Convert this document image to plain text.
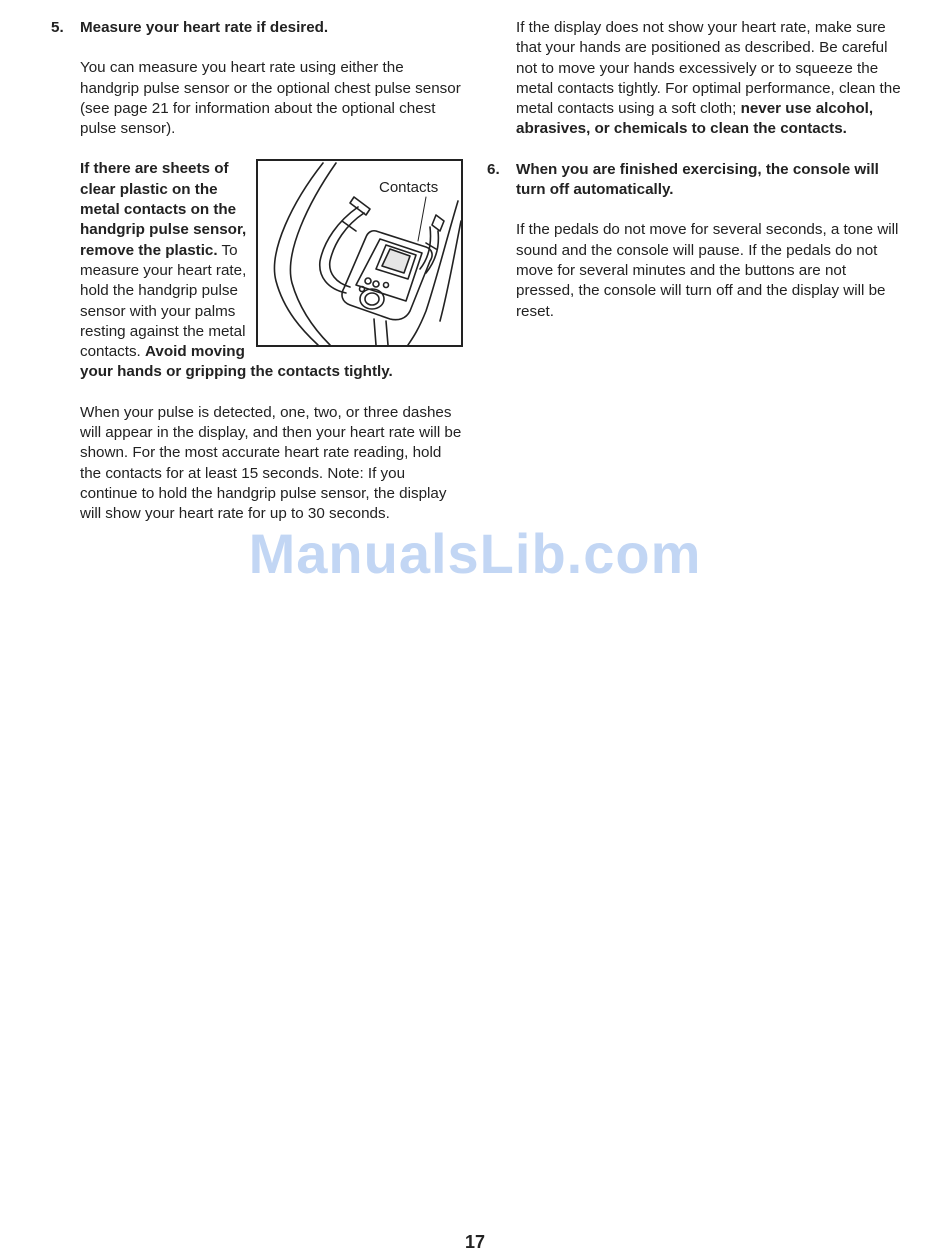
5.	Measure your heart rate if desired.

You can measure you heart rate using either the handgrip pulse sensor or the optional chest pulse sensor (see page 21 for information about the optional chest pulse sensor).

Contacts

If there are sheets of clear plastic on the metal contacts on the handgrip pulse sensor, remove the plastic. To measure your heart rate, hold the handgrip pulse sensor with your palms resting against the metal contacts. Avoid moving your hands or gripping the contacts tightly.

When your pulse is detected, one, two, or three dashes will appear in the display, and then your heart rate will be shown. For the most accurate heart rate reading, hold the contacts for at least 15 seconds. Note: If you continue to hold the handgrip pulse sensor, the display will show your heart rate for up to 30 seconds.

If the display does not show your heart rate, make sure that your hands are positioned as described. Be careful not to move your hands excessively or to squeeze the metal contacts tightly. For optimal performance, clean the metal contacts using a soft cloth; never use alcohol, abrasives, or chemicals to clean the contacts.

6.	When you are finished exercising, the console will turn off automatically.

If the pedals do not move for several seconds, a tone will sound and the console will pause. If the pedals do not move for several minutes and the buttons are not pressed, the console will turn off and the display will be reset.

ManualsLib.com
17
